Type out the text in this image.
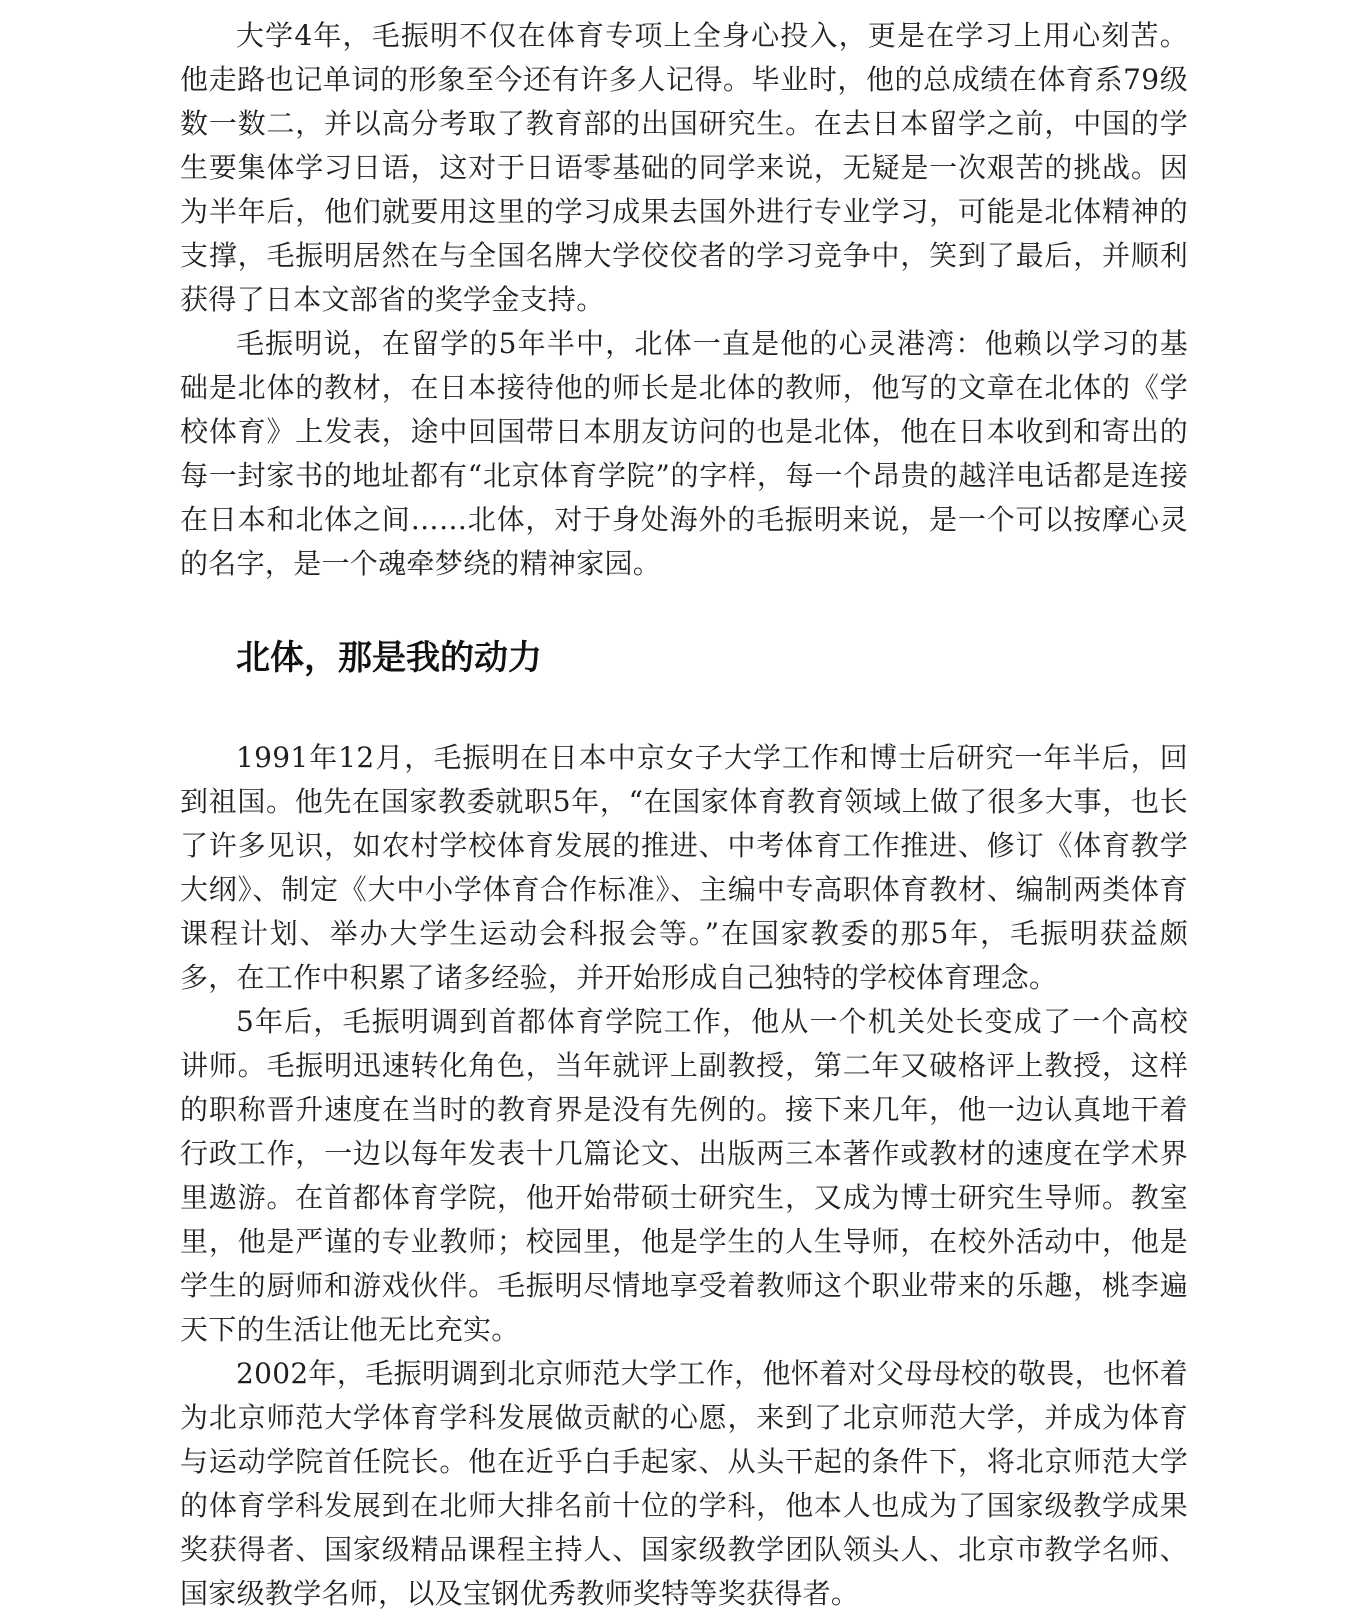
大学4年，毛振明不仅在体育专项上全身心投入，更是在学习上用心刻苦。他走路也记单词的形象至今还有许多人记得。毕业时，他的总成绩在体育系79级数一数二，并以高分考取了教育部的出国研究生。在去日本留学之前，中国的学生要集体学习日语，这对于日语零基础的同学来说，无疑是一次艰苦的挑战。因为半年后，他们就要用这里的学习成果去国外进行专业学习，可能是北体精神的支撑，毛振明居然在与全国名牌大学佼佼者的学习竞争中，笑到了最后，并顺利获得了日本文部省的奖学金支持。

毛振明说，在留学的5年半中，北体一直是他的心灵港湾：他赖以学习的基础是北体的教材，在日本接待他的师长是北体的教师，他写的文章在北体的《学校体育》上发表，途中回国带日本朋友访问的也是北体，他在日本收到和寄出的每一封家书的地址都有“北京体育学院”的字样，每一个昂贵的越洋电话都是连接在日本和北体之间……北体，对于身处海外的毛振明来说，是一个可以按摩心灵的名字，是一个魂牵梦绕的精神家园。

北体，那是我的动力

1991年12月，毛振明在日本中京女子大学工作和博士后研究一年半后，回到祖国。他先在国家教委就职5年，“在国家体育教育领域上做了很多大事，也长了许多见识，如农村学校体育发展的推进、中考体育工作推进、修订《体育教学大纲》、制定《大中小学体育合作标准》、主编中专高职体育教材、编制两类体育课程计划、举办大学生运动会科报会等。”在国家教委的那5年，毛振明获益颇多，在工作中积累了诸多经验，并开始形成自己独特的学校体育理念。

5年后，毛振明调到首都体育学院工作，他从一个机关处长变成了一个高校讲师。毛振明迅速转化角色，当年就评上副教授，第二年又破格评上教授，这样的职称晋升速度在当时的教育界是没有先例的。接下来几年，他一边认真地干着行政工作，一边以每年发表十几篇论文、出版两三本著作或教材的速度在学术界里遨游。在首都体育学院，他开始带硕士研究生，又成为博士研究生导师。教室里，他是严谨的专业教师；校园里，他是学生的人生导师，在校外活动中，他是学生的厨师和游戏伙伴。毛振明尽情地享受着教师这个职业带来的乐趣，桃李遍天下的生活让他无比充实。

2002年，毛振明调到北京师范大学工作，他怀着对父母母校的敬畏，也怀着为北京师范大学体育学科发展做贡献的心愿，来到了北京师范大学，并成为体育与运动学院首任院长。他在近乎白手起家、从头干起的条件下，将北京师范大学的体育学科发展到在北师大排名前十位的学科，他本人也成为了国家级教学成果奖获得者、国家级精品课程主持人、国家级教学团队领头人、北京市教学名师、国家级教学名师，以及宝钢优秀教师奖特等奖获得者。
